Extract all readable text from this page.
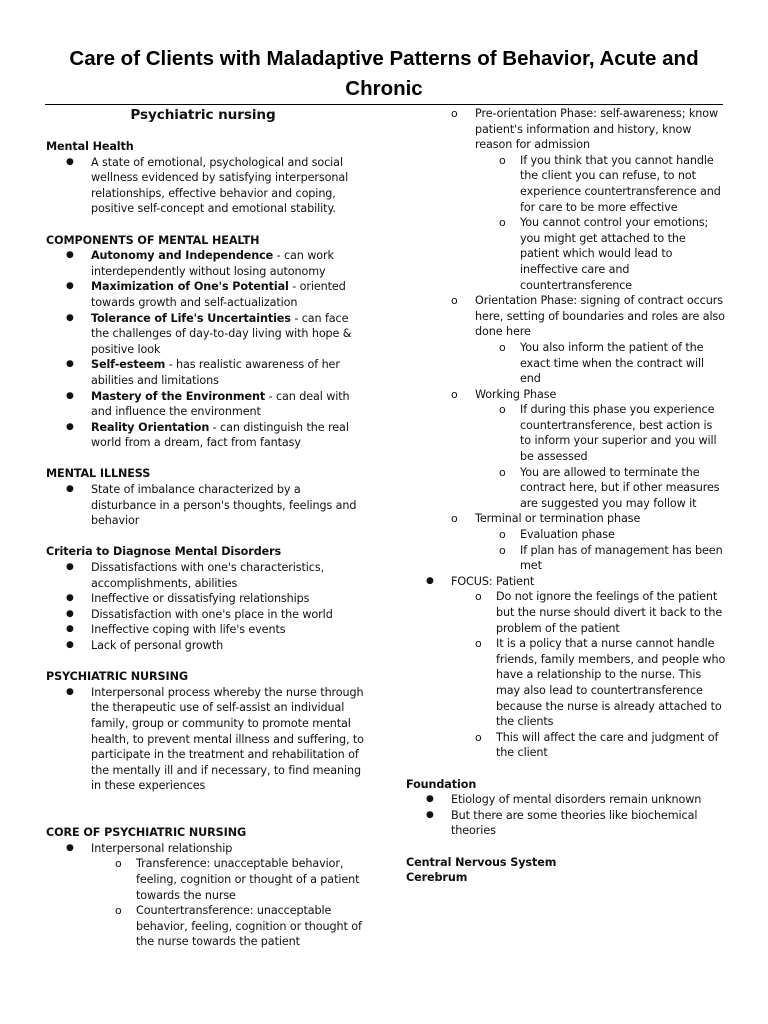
Care of Clients with Maladaptive Patterns of Behavior, Acute and Chronic
Psychiatric nursing
Mental Health
● A state of emotional, psychological and social wellness evidenced by satisfying interpersonal relationships, effective behavior and coping, positive self-concept and emotional stability.
COMPONENTS OF MENTAL HEALTH
● Autonomy and Independence - can work interdependently without losing autonomy
● Maximization of One's Potential - oriented towards growth and self-actualization
● Tolerance of Life's Uncertainties - can face the challenges of day-to-day living with hope & positive look
● Self-esteem - has realistic awareness of her abilities and limitations
● Mastery of the Environment - can deal with and influence the environment
● Reality Orientation - can distinguish the real world from a dream, fact from fantasy
MENTAL ILLNESS
● State of imbalance characterized by a disturbance in a person's thoughts, feelings and behavior
Criteria to Diagnose Mental Disorders
● Dissatisfactions with one's characteristics, accomplishments, abilities
● Ineffective or dissatisfying relationships
● Dissatisfaction with one's place in the world
● Ineffective coping with life's events
● Lack of personal growth
PSYCHIATRIC NURSING
● Interpersonal process whereby the nurse through the therapeutic use of self-assist an individual family, group or community to promote mental health, to prevent mental illness and suffering, to participate in the treatment and rehabilitation of the mentally ill and if necessary, to find meaning in these experiences
CORE OF PSYCHIATRIC NURSING
● Interpersonal relationship
o Transference: unacceptable behavior, feeling, cognition or thought of a patient towards the nurse
o Countertransference: unacceptable behavior, feeling, cognition or thought of the nurse towards the patient
o Pre-orientation Phase: self-awareness; know patient's information and history, know reason for admission
o If you think that you cannot handle the client you can refuse, to not experience countertransference and for care to be more effective
o You cannot control your emotions; you might get attached to the patient which would lead to ineffective care and countertransference
o Orientation Phase: signing of contract occurs here, setting of boundaries and roles are also done here
o You also inform the patient of the exact time when the contract will end
o Working Phase
o If during this phase you experience countertransference, best action is to inform your superior and you will be assessed
o You are allowed to terminate the contract here, but if other measures are suggested you may follow it
o Terminal or termination phase
o Evaluation phase
o If plan has of management has been met
● FOCUS: Patient
o Do not ignore the feelings of the patient but the nurse should divert it back to the problem of the patient
o It is a policy that a nurse cannot handle friends, family members, and people who have a relationship to the nurse. This may also lead to countertransference because the nurse is already attached to the clients
o This will affect the care and judgment of the client
Foundation
● Etiology of mental disorders remain unknown
● But there are some theories like biochemical theories
Central Nervous System
Cerebrum
